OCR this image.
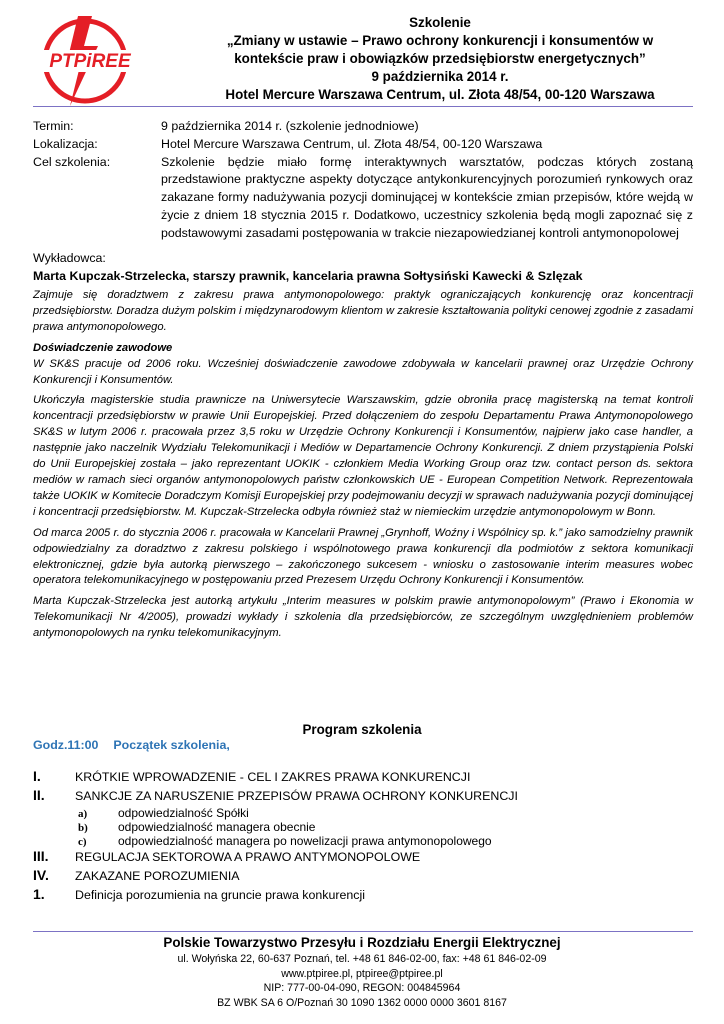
PTPiREE
Szkolenie
„Zmiany w ustawie – Prawo ochrony konkurencji i konsumentów w
kontekście praw i obowiązków przedsiębiorstw energetycznych”
9 października 2014 r.
Hotel Mercure Warszawa Centrum, ul. Złota 48/54, 00-120 Warszawa
Termin:	9 października 2014 r. (szkolenie jednodniowe)
Lokalizacja:	Hotel Mercure Warszawa Centrum, ul. Złota 48/54, 00-120 Warszawa
Cel szkolenia:	Szkolenie będzie miało formę interaktywnych warsztatów, podczas których zostaną przedstawione praktyczne aspekty dotyczące antykonkurencyjnych porozumień rynkowych oraz zakazane formy nadużywania pozycji dominującej w kontekście zmian przepisów, które wejdą w życie z dniem 18 stycznia 2015 r. Dodatkowo, uczestnicy szkolenia będą mogli zapoznać się z podstawowymi zasadami postępowania w trakcie niezapowiedzianej kontroli antymonopolowej
Wykładowca:
Marta Kupczak-Strzelecka, starszy prawnik, kancelaria prawna Sołtysiński Kawecki & Szlęzak

Zajmuje się doradztwem z zakresu prawa antymonopolowego: praktyk ograniczających konkurencję oraz koncentracji przedsiębiorstw. Doradza dużym polskim i międzynarodowym klientom w zakresie kształtowania polityki cenowej zgodnie z zasadami prawa antymonopolowego.

Doświadczenie zawodowe

W SK&S pracuje od 2006 roku. Wcześniej doświadczenie zawodowe zdobywała w kancelarii prawnej oraz Urzędzie Ochrony Konkurencji i Konsumentów.

Ukończyła magisterskie studia prawnicze na Uniwersytecie Warszawskim, gdzie obroniła pracę magisterską na temat kontroli koncentracji przedsiębiorstw w prawie Unii Europejskiej. Przed dołączeniem do zespołu Departamentu Prawa Antymonopolowego SK&S w lutym 2006 r. pracowała przez 3,5 roku w Urzędzie Ochrony Konkurencji i Konsumentów, najpierw jako case handler, a następnie jako naczelnik Wydziału Telekomunikacji i Mediów w Departamencie Ochrony Konkurencji. Z dniem przystąpienia Polski do Unii Europejskiej została – jako reprezentant UOKIK - członkiem Media Working Group oraz tzw. contact person ds. sektora mediów w ramach sieci organów antymonopolowych państw członkowskich UE - European Competition Network. Reprezentowała także UOKIK w Komitecie Doradczym Komisji Europejskiej przy podejmowaniu decyzji w sprawach nadużywania pozycji dominującej i koncentracji przedsiębiorstw. M. Kupczak-Strzelecka odbyła również staż w niemieckim urzędzie antymonopolowym w Bonn.

Od marca 2005 r. do stycznia 2006 r. pracowała w Kancelarii Prawnej „Grynhoff, Woźny i Wspólnicy sp. k.” jako samodzielny prawnik odpowiedzialny za doradztwo z zakresu polskiego i wspólnotowego prawa konkurencji dla podmiotów z sektora komunikacji elektronicznej, gdzie była autorką pierwszego – zakończonego sukcesem - wniosku o zastosowanie interim measures wobec operatora telekomunikacyjnego w postępowaniu przed Prezesem Urzędu Ochrony Konkurencji i Konsumentów.

Marta Kupczak-Strzelecka jest autorką artykułu „Interim measures w polskim prawie antymonopolowym” (Prawo i Ekonomia w Telekomunikacji Nr 4/2005), prowadzi wykłady i szkolenia dla przedsiębiorców, ze szczególnym uwzględnieniem problemów antymonopolowych na rynku telekomunikacyjnym.

Program szkolenia
Godz.11:00 Początek szkolenia,
I.	KRÓTKIE WPROWADZENIE - CEL I ZAKRES PRAWA KONKURENCJI
II.	SANKCJE ZA NARUSZENIE PRZEPISÓW PRAWA OCHRONY KONKURENCJI
a)	odpowiedzialność Spółki
b)	odpowiedzialność managera obecnie
c)	odpowiedzialność managera po nowelizacji prawa antymonopolowego
III.	REGULACJA SEKTOROWA A PRAWO ANTYMONOPOLOWE
IV.	ZAKAZANE POROZUMIENIA
1.	Definicja porozumienia na gruncie prawa konkurencji
Polskie Towarzystwo Przesyłu i Rozdziału Energii Elektrycznej
ul. Wołyńska 22, 60-637 Poznań, tel. +48 61 846-02-00, fax: +48 61 846-02-09
www.ptpiree.pl, ptpiree@ptpiree.pl
NIP: 777-00-04-090, REGON: 004845964
BZ WBK SA 6 O/Poznań 30 1090 1362 0000 0000 3601 8167
